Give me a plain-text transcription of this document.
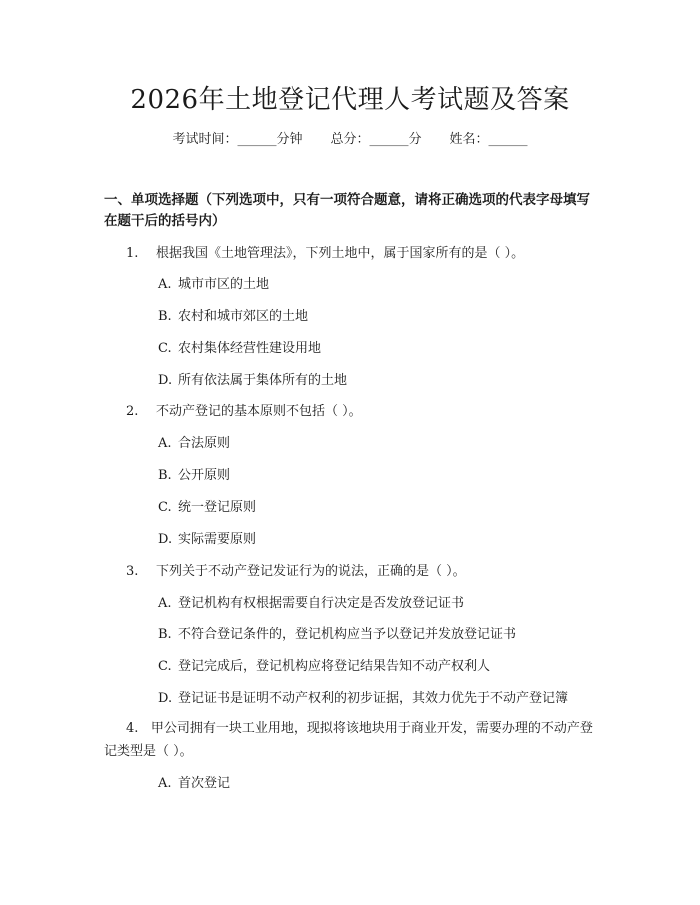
2026年土地登记代理人考试题及答案
考试时间：______分钟 总分：______分 姓名：______
一、单项选择题（下列选项中，只有一项符合题意，请将正确选项的代表字母填写在题干后的括号内）
1. 根据我国《土地管理法》，下列土地中，属于国家所有的是（ ）。
A. 城市市区的土地
B. 农村和城市郊区的土地
C. 农村集体经营性建设用地
D. 所有依法属于集体所有的土地
2. 不动产登记的基本原则不包括（ ）。
A. 合法原则
B. 公开原则
C. 统一登记原则
D. 实际需要原则
3. 下列关于不动产登记发证行为的说法，正确的是（ ）。
A. 登记机构有权根据需要自行决定是否发放登记证书
B. 不符合登记条件的，登记机构应当予以登记并发放登记证书
C. 登记完成后，登记机构应将登记结果告知不动产权利人
D. 登记证书是证明不动产权利的初步证据，其效力优先于不动产登记簿
4. 甲公司拥有一块工业用地，现拟将该地块用于商业开发，需要办理的不动产登记类型是（ ）。
A. 首次登记
